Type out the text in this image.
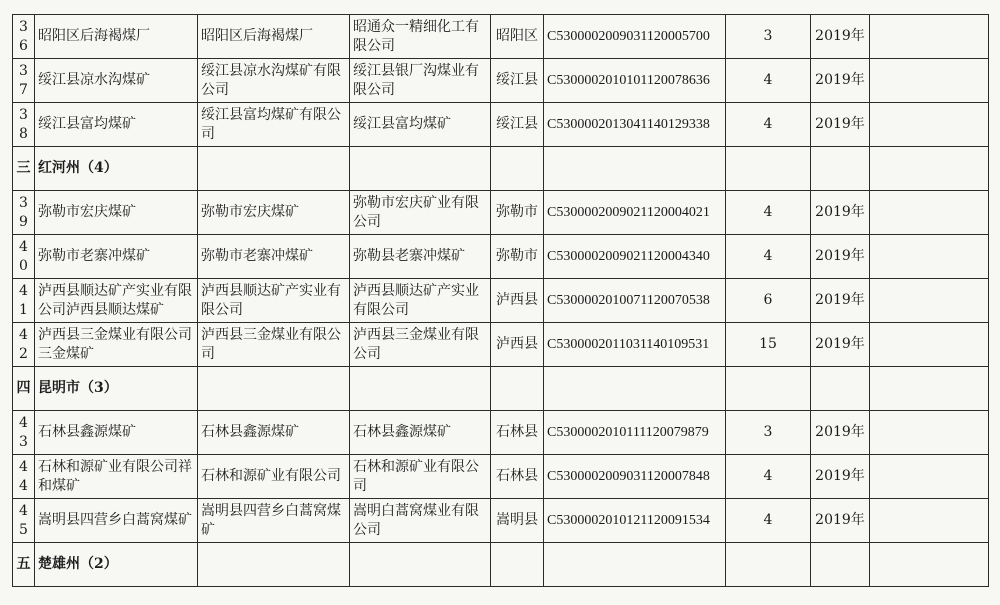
36	昭阳区后海褐煤厂	昭阳区后海褐煤厂	昭通众一精细化工有限公司	昭阳区	C5300002009031120005700	3	2019年	
37	绥江县凉水沟煤矿	绥江县凉水沟煤矿有限公司	绥江县银厂沟煤业有限公司	绥江县	C5300002010101120078636	4	2019年	
38	绥江县富均煤矿	绥江县富均煤矿有限公司	绥江县富均煤矿	绥江县	C5300002013041140129338	4	2019年	
三	红河州（4）							
39	弥勒市宏庆煤矿	弥勒市宏庆煤矿	弥勒市宏庆矿业有限公司	弥勒市	C5300002009021120004021	4	2019年	
40	弥勒市老寨冲煤矿	弥勒市老寨冲煤矿	弥勒县老寨冲煤矿	弥勒市	C5300002009021120004340	4	2019年	
41	泸西县顺达矿产实业有限公司泸西县顺达煤矿	泸西县顺达矿产实业有限公司	泸西县顺达矿产实业有限公司	泸西县	C5300002010071120070538	6	2019年	
42	泸西县三金煤业有限公司三金煤矿	泸西县三金煤业有限公司	泸西县三金煤业有限公司	泸西县	C5300002011031140109531	15	2019年	
四	昆明市（3）							
43	石林县鑫源煤矿	石林县鑫源煤矿	石林县鑫源煤矿	石林县	C5300002010111120079879	3	2019年	
44	石林和源矿业有限公司祥和煤矿	石林和源矿业有限公司	石林和源矿业有限公司	石林县	C5300002009031120007848	4	2019年	
45	嵩明县四营乡白蒿窝煤矿	嵩明县四营乡白蒿窝煤矿	嵩明白蒿窝煤业有限公司	嵩明县	C5300002010121120091534	4	2019年	
五	楚雄州（2）							
